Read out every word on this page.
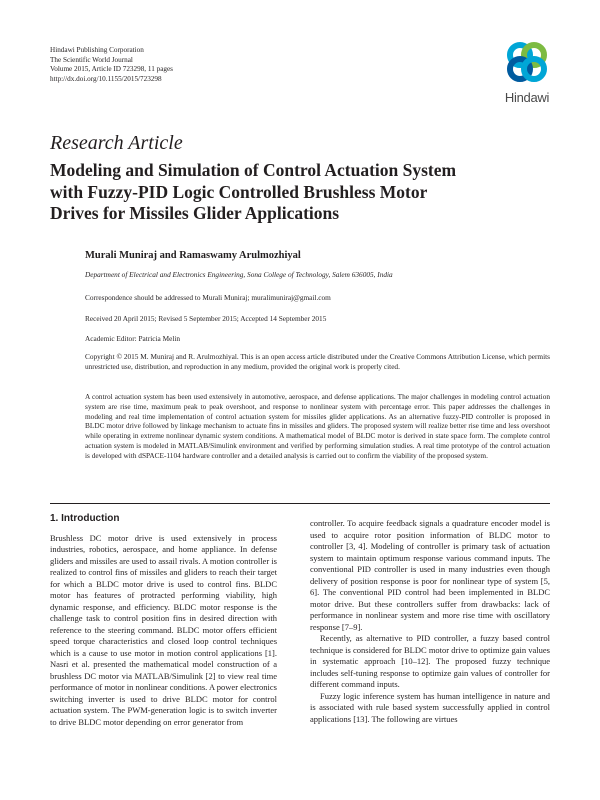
Hindawi Publishing Corporation
The Scientific World Journal
Volume 2015, Article ID 723298, 11 pages
http://dx.doi.org/10.1155/2015/723298
Hindawi
Research Article
Modeling and Simulation of Control Actuation System with Fuzzy-PID Logic Controlled Brushless Motor Drives for Missiles Glider Applications
Murali Muniraj and Ramaswamy Arulmozhiyal
Department of Electrical and Electronics Engineering, Sona College of Technology, Salem 636005, India
Correspondence should be addressed to Murali Muniraj; muralimuniraj@gmail.com
Received 20 April 2015; Revised 5 September 2015; Accepted 14 September 2015
Academic Editor: Patricia Melin
Copyright © 2015 M. Muniraj and R. Arulmozhiyal. This is an open access article distributed under the Creative Commons Attribution License, which permits unrestricted use, distribution, and reproduction in any medium, provided the original work is properly cited.
A control actuation system has been used extensively in automotive, aerospace, and defense applications. The major challenges in modeling control actuation system are rise time, maximum peak to peak overshoot, and response to nonlinear system with percentage error. This paper addresses the challenges in modeling and real time implementation of control actuation system for missiles glider applications. As an alternative fuzzy-PID controller is proposed in BLDC motor drive followed by linkage mechanism to actuate fins in missiles and gliders. The proposed system will realize better rise time and less overshoot while operating in extreme nonlinear dynamic system conditions. A mathematical model of BLDC motor is derived in state space form. The complete control actuation system is modeled in MATLAB/Simulink environment and verified by performing simulation studies. A real time prototype of the control actuation is developed with dSPACE-1104 hardware controller and a detailed analysis is carried out to confirm the viability of the proposed system.

1. Introduction

Brushless DC motor drive is used extensively in process industries, robotics, aerospace, and home appliance. In defense gliders and missiles are used to assail rivals. A motion controller is realized to control fins of missiles and gliders to reach their target for which a BLDC motor drive is used to control fins. BLDC motor has features of protracted performing viability, high dynamic response, and efficiency. BLDC motor response is the challenge task to control position fins in desired direction with reference to the steering command. BLDC motor offers efficient speed torque characteristics and closed loop control techniques which is a cause to use motor in motion control applications [1]. Nasri et al. presented the mathematical model construction of a brushless DC motor via MATLAB/Simulink [2] to view real time performance of motor in nonlinear conditions. A power electronics switching inverter is used to drive BLDC motor for control actuation system. The PWM-generation logic is to switch inverter to drive BLDC motor depending on error generator from

controller. To acquire feedback signals a quadrature encoder model is used to acquire rotor position information of BLDC motor to controller [3, 4]. Modeling of controller is primary task of actuation system to maintain optimum response various command inputs. The conventional PID controller is used in many industries even though delivery of position response is poor for nonlinear type of system [5, 6]. The conventional PID control had been implemented in BLDC motor drive. But these controllers suffer from drawbacks: lack of performance in nonlinear system and more rise time with oscillatory response [7–9].

Recently, as alternative to PID controller, a fuzzy based control technique is considered for BLDC motor drive to optimize gain values in systematic approach [10–12]. The proposed fuzzy technique includes self-tuning response to optimize gain values of controller for different command inputs.

Fuzzy logic inference system has human intelligence in nature and is associated with rule based system successfully applied in control applications [13]. The following are virtues
